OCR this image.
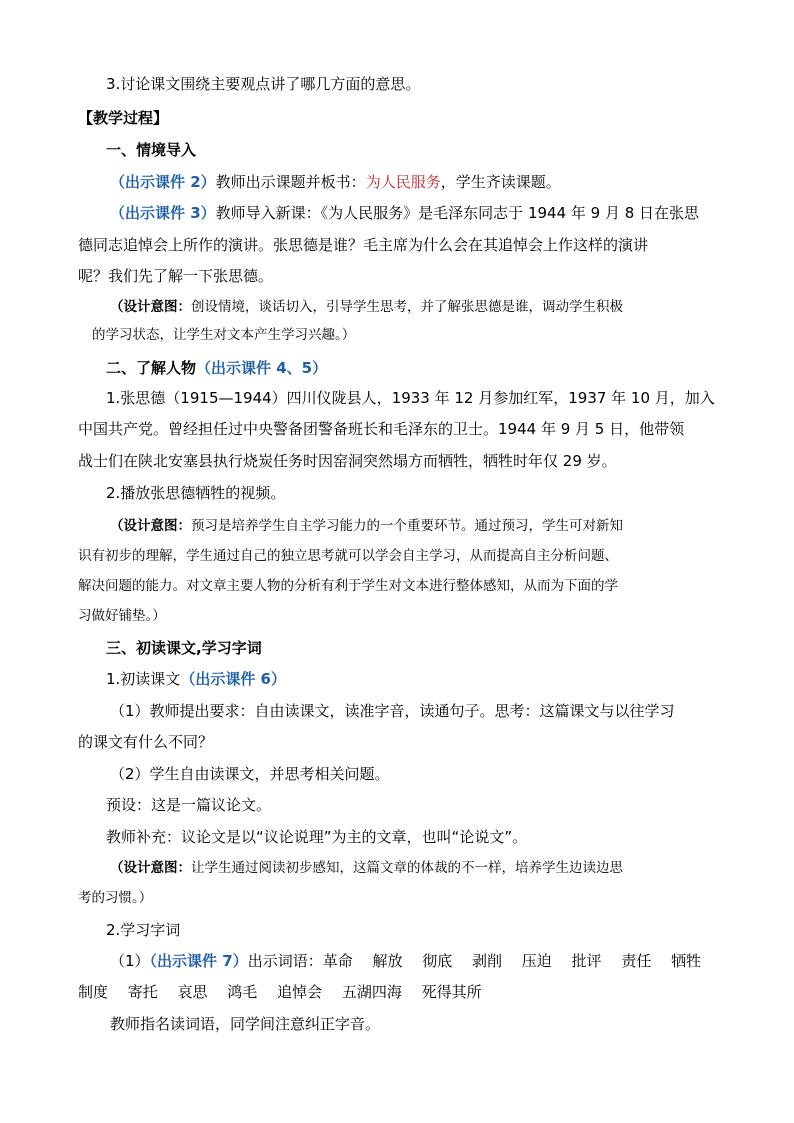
3.讨论课文围绕主要观点讲了哪几方面的意思。
【教学过程】
一、情境导入
（出示课件 2）教师出示课题并板书：为人民服务，学生齐读课题。
（出示课件 3）教师导入新课：《为人民服务》是毛泽东同志于 1944 年 9 月 8 日在张思
德同志追悼会上所作的演讲。张思德是谁？毛主席为什么会在其追悼会上作这样的演讲
呢？我们先了解一下张思德。
（设计意图：创设情境，谈话切入，引导学生思考，并了解张思德是谁，调动学生积极
的学习状态，让学生对文本产生学习兴趣。）
二、了解人物（出示课件 4、5）
1.张思德（1915—1944）四川仪陇县人，1933 年 12 月参加红军，1937 年 10 月，加入
中国共产党。曾经担任过中央警备团警备班长和毛泽东的卫士。1944 年 9 月 5 日，他带领
战士们在陕北安塞县执行烧炭任务时因窑洞突然塌方而牺牲，牺牲时年仅 29 岁。
2.播放张思德牺牲的视频。
（设计意图：预习是培养学生自主学习能力的一个重要环节。通过预习，学生可对新知
识有初步的理解，学生通过自己的独立思考就可以学会自主学习，从而提高自主分析问题、
解决问题的能力。对文章主要人物的分析有利于学生对文本进行整体感知，从而为下面的学
习做好铺垫。）
三、初读课文,学习字词
1.初读课文（出示课件 6）
（1）教师提出要求：自由读课文，读准字音，读通句子。思考：这篇课文与以往学习
的课文有什么不同？
（2）学生自由读课文，并思考相关问题。
预设：这是一篇议论文。
教师补充：议论文是以“议论说理”为主的文章，也叫“论说文”。
（设计意图：让学生通过阅读初步感知，这篇文章的体裁的不一样，培养学生边读边思
考的习惯。）
2.学习字词
（1）（出示课件 7）出示词语：革命　 解放　 彻底　 剥削　 压迫　 批评　 责任　 牺牲
制度　 寄托　 哀思　 鸿毛　 追悼会　 五湖四海　 死得其所
教师指名读词语，同学间注意纠正字音。
